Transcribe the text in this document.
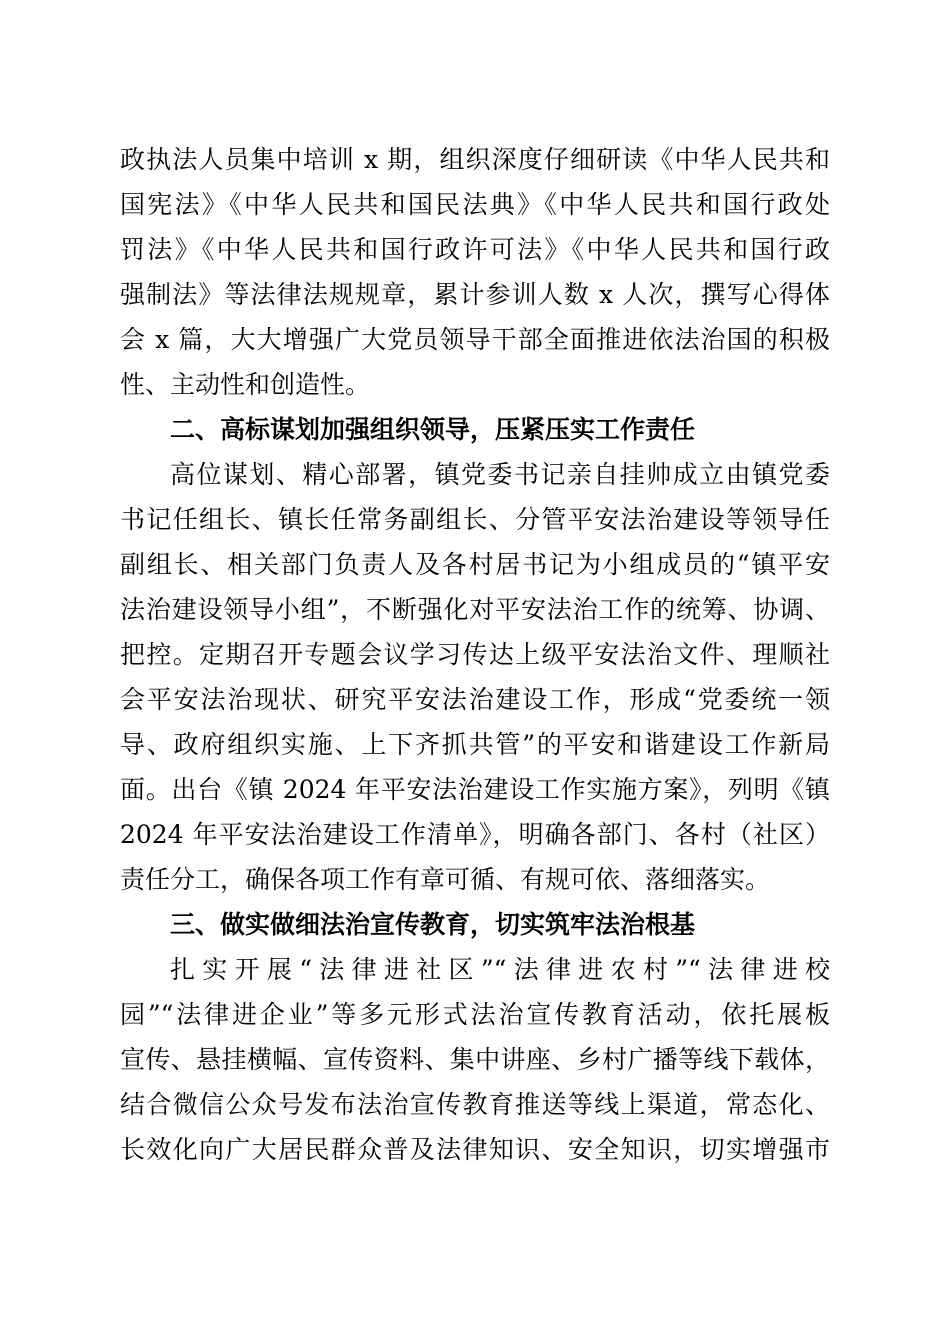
政执法人员集中培训 x 期，组织深度仔细研读《中华人民共和
国宪法》《中华人民共和国民法典》《中华人民共和国行政处
罚法》《中华人民共和国行政许可法》《中华人民共和国行政
强制法》等法律法规规章，累计参训人数 x 人次，撰写心得体
会 x 篇，大大增强广大党员领导干部全面推进依法治国的积极
性、主动性和创造性。
二、高标谋划加强组织领导，压紧压实工作责任
高位谋划、精心部署，镇党委书记亲自挂帅成立由镇党委
书记任组长、镇长任常务副组长、分管平安法治建设等领导任
副组长、相关部门负责人及各村居书记为小组成员的“镇平安
法治建设领导小组”，不断强化对平安法治工作的统筹、协调、
把控。定期召开专题会议学习传达上级平安法治文件、理顺社
会平安法治现状、研究平安法治建设工作，形成“党委统一领
导、政府组织实施、上下齐抓共管”的平安和谐建设工作新局
面。出台《镇 2024 年平安法治建设工作实施方案》，列明《镇
2024 年平安法治建设工作清单》，明确各部门、各村（社区）
责任分工，确保各项工作有章可循、有规可依、落细落实。
三、做实做细法治宣传教育，切实筑牢法治根基
扎实开展“法律进社区”“法律进农村”“法律进校
园”“法律进企业”等多元形式法治宣传教育活动，依托展板
宣传、悬挂横幅、宣传资料、集中讲座、乡村广播等线下载体，
结合微信公众号发布法治宣传教育推送等线上渠道，常态化、
长效化向广大居民群众普及法律知识、安全知识，切实增强市
